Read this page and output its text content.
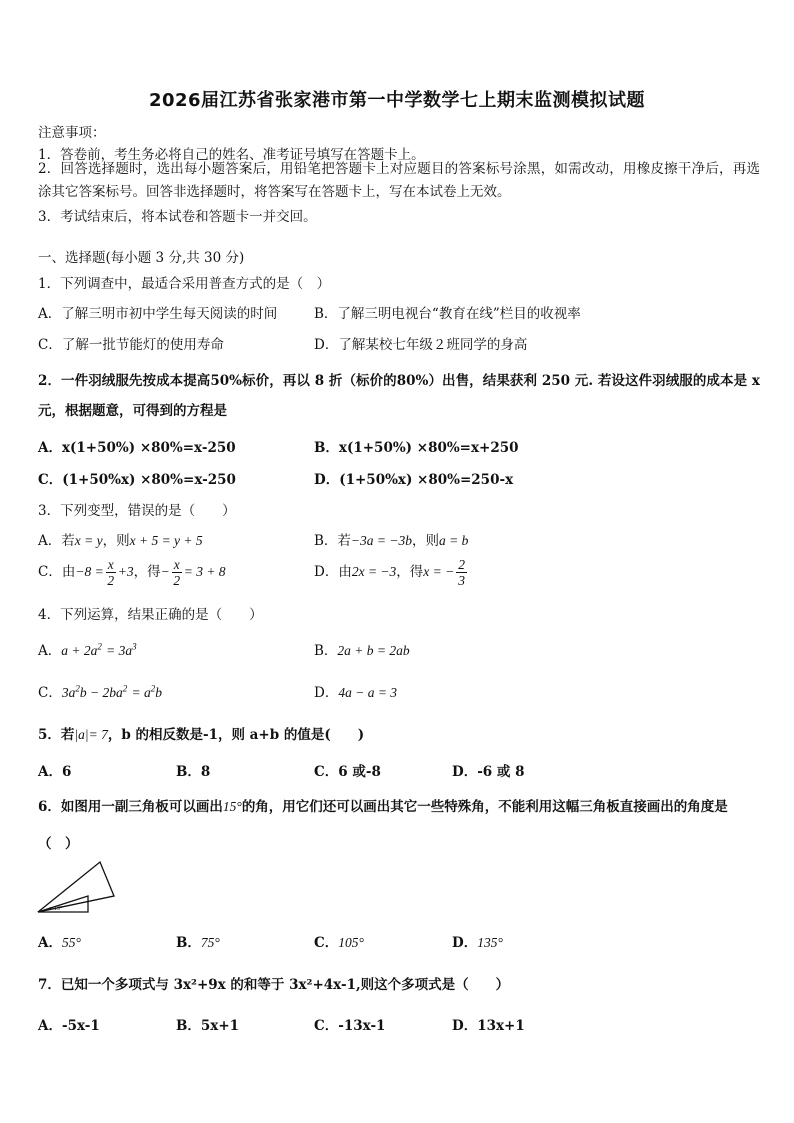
2026届江苏省张家港市第一中学数学七上期末监测模拟试题
注意事项：
1．答卷前，考生务必将自己的姓名、准考证号填写在答题卡上。
2．回答选择题时，选出每小题答案后，用铅笔把答题卡上对应题目的答案标号涂黑，如需改动，用橡皮擦干净后，再选涂其它答案标号。回答非选择题时，将答案写在答题卡上，写在本试卷上无效。
3．考试结束后，将本试卷和答题卡一并交回。
一、选择题(每小题 3 分,共 30 分)
1．下列调查中，最适合采用普查方式的是（　）
A．了解三明市初中学生每天阅读的时间	B．了解三明电视台“教育在线”栏目的收视率
C．了解一批节能灯的使用寿命	D．了解某校七年级２班同学的身高
2．一件羽绒服先按成本提高50%标价，再以 8 折（标价的80%）出售，结果获利 250 元. 若设这件羽绒服的成本是 x 元，根据题意，可得到的方程是
A．x(1+50%) ×80%=x-250	B．x(1+50%) ×80%=x+250
C．(1+50%x) ×80%=x-250	D．(1+50%x) ×80%=250-x
3．下列变型，错误的是（　　）
A．若x = y，则x + 5 = y + 5	B．若−3a = −3b，则a = b
C．由$-8 = \frac{x}{2} +3$，得− $\frac{x}{2} = 3 + 8$	D．由2x = −3，得x = − $\frac{2}{3}$
4．下列运算，结果正确的是（　　）
A．$a + 2a^2 = 3a^3$	B．2a + b = 2ab
C．$3a^2b - 2ba^2 = a^2b$	D．4a − a = 3
5．若|a|= 7，b 的相反数是-1，则 a+b 的值是(　　)
A．6	B．8	C．6 或-8	D．-6 或 8
6．如图用一副三角板可以画出15°的角，用它们还可以画出其它一些特殊角，不能利用这幅三角板直接画出的角度是
（　）
15°
A．55°	B．75°	C．105°	D．135°
7．已知一个多项式与 3x²+9x 的和等于 3x²+4x-1,则这个多项式是（　　）
A．-5x-1	B．5x+1	C．-13x-1	D．13x+1
